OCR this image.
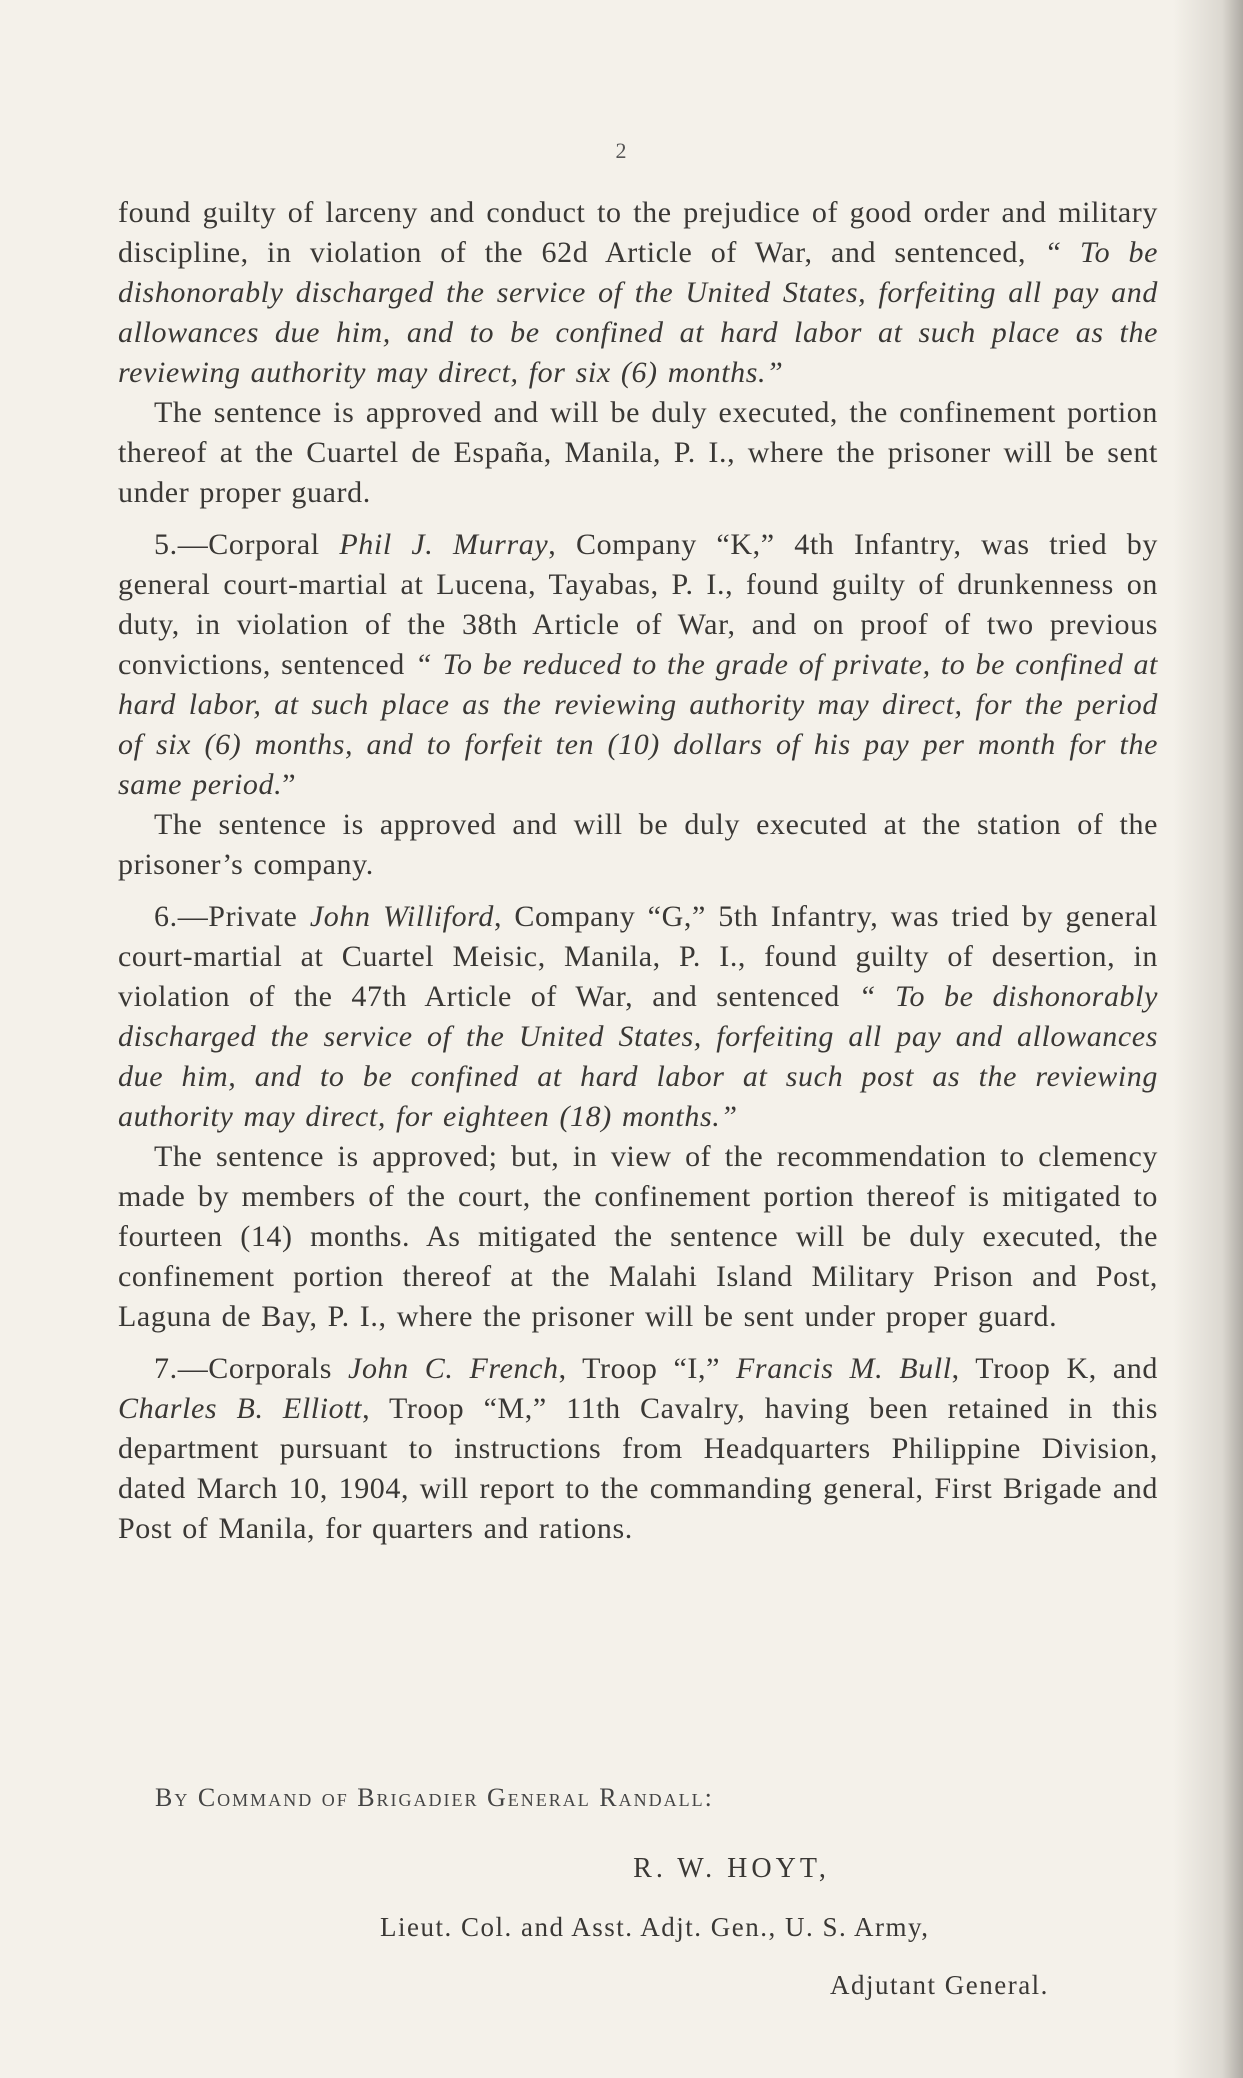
2

found guilty of larceny and conduct to the prejudice of good order and military discipline, in violation of the 62d Article of War, and sentenced, “ To be dishonorably discharged the service of the United States, forfeiting all pay and allowances due him, and to be confined at hard labor at such place as the reviewing authority may direct, for six (6) months.”

The sentence is approved and will be duly executed, the confinement portion thereof at the Cuartel de España, Manila, P. I., where the prisoner will be sent under proper guard.

5.—Corporal Phil J. Murray, Company “K,” 4th Infantry, was tried by general court-martial at Lucena, Tayabas, P. I., found guilty of drunkenness on duty, in violation of the 38th Article of War, and on proof of two previous convictions, sentenced “ To be reduced to the grade of private, to be confined at hard labor, at such place as the reviewing authority may direct, for the period of six (6) months, and to forfeit ten (10) dollars of his pay per month for the same period.”

The sentence is approved and will be duly executed at the station of the prisoner’s company.

6.—Private John Williford, Company “G,” 5th Infantry, was tried by general court-martial at Cuartel Meisic, Manila, P. I., found guilty of desertion, in violation of the 47th Article of War, and sentenced “ To be dishonorably discharged the service of the United States, forfeiting all pay and allowances due him, and to be confined at hard labor at such post as the reviewing authority may direct, for eighteen (18) months.”

The sentence is approved; but, in view of the recommendation to clemency made by members of the court, the confinement portion thereof is mitigated to fourteen (14) months. As mitigated the sentence will be duly executed, the confinement portion thereof at the Malahi Island Military Prison and Post, Laguna de Bay, P. I., where the prisoner will be sent under proper guard.

7.—Corporals John C. French, Troop “I,” Francis M. Bull, Troop K, and Charles B. Elliott, Troop “M,” 11th Cavalry, having been retained in this department pursuant to instructions from Headquarters Philippine Division, dated March 10, 1904, will report to the commanding general, First Brigade and Post of Manila, for quarters and rations.

By Command of Brigadier General Randall:
R. W. HOYT,
Lieut. Col. and Asst. Adjt. Gen., U. S. Army,
Adjutant General.
